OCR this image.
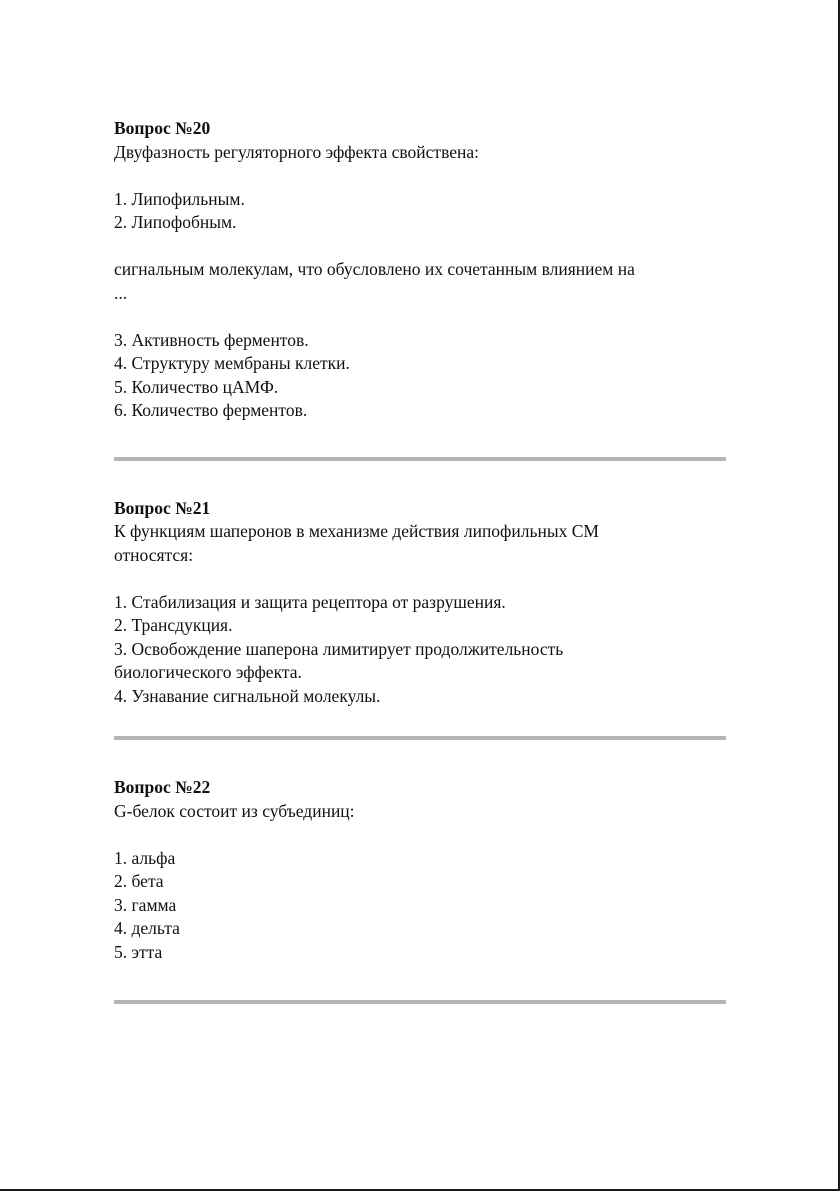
Вопрос №20

Двуфазность регуляторного эффекта свойствена:

1. Липофильным.

2. Липофобным.

сигнальным молекулам, что обусловлено их сочетанным влиянием на

...

3. Активность ферментов.

4. Структуру мембраны клетки.

5. Количество цАМФ.

6. Количество ферментов.

Вопрос №21

К функциям шаперонов в механизме действия липофильных СМ

относятся:

1. Стабилизация и защита рецептора от разрушения.

2. Трансдукция.

3. Освобождение шаперона лимитирует продолжительность

биологического эффекта.

4. Узнавание сигнальной молекулы.

Вопрос №22

G-белок состоит из субъединиц:

1. альфа

2. бета

3. гамма

4. дельта

5. этта
